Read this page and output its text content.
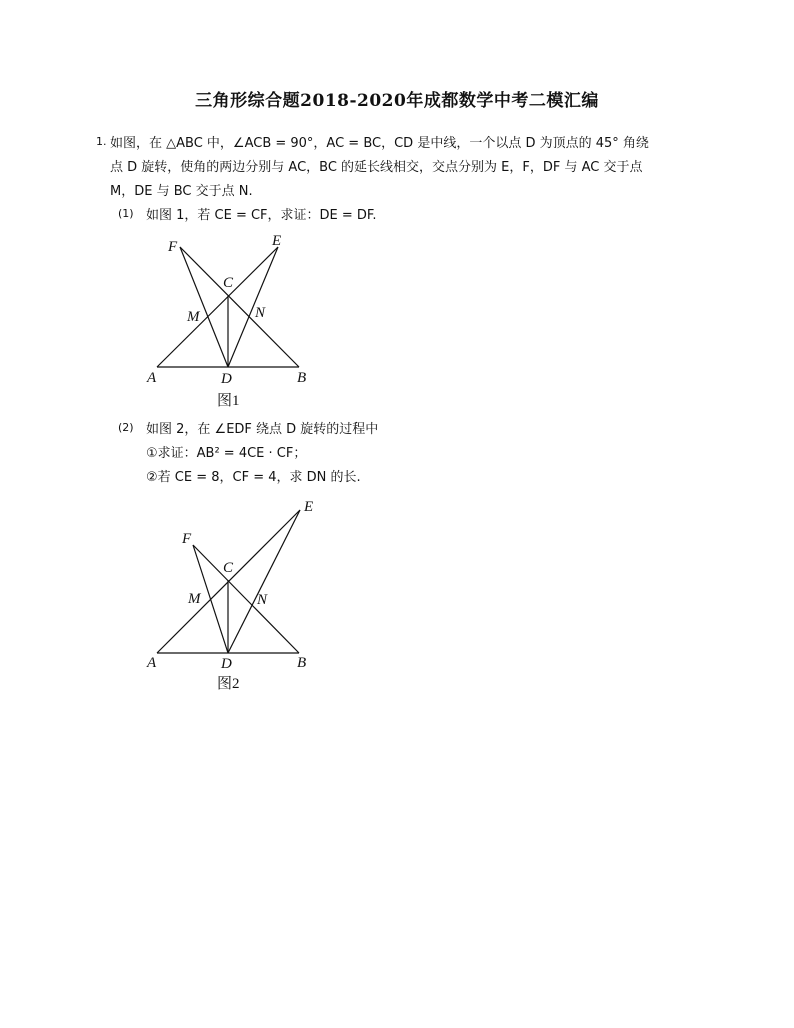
三角形综合题2018-2020年成都数学中考二模汇编
1. 如图，在 △ABC 中，∠ACB = 90°，AC = BC，CD 是中线，一个以点 D 为顶点的 45° 角绕
点 D 旋转，使角的两边分别与 AC，BC 的延长线相交，交点分别为 E，F，DF 与 AC 交于点
M，DE 与 BC 交于点 N.
(1) 如图 1，若 CE = CF，求证：DE = DF.
(2) 如图 2，在 ∠EDF 绕点 D 旋转的过程中
①求证：AB² = 4CE · CF；
②若 CE = 8，CF = 4，求 DN 的长.
F	E
C
M	N
A	D	B
图1
F
E
C
M	N
A	D	B
图2
